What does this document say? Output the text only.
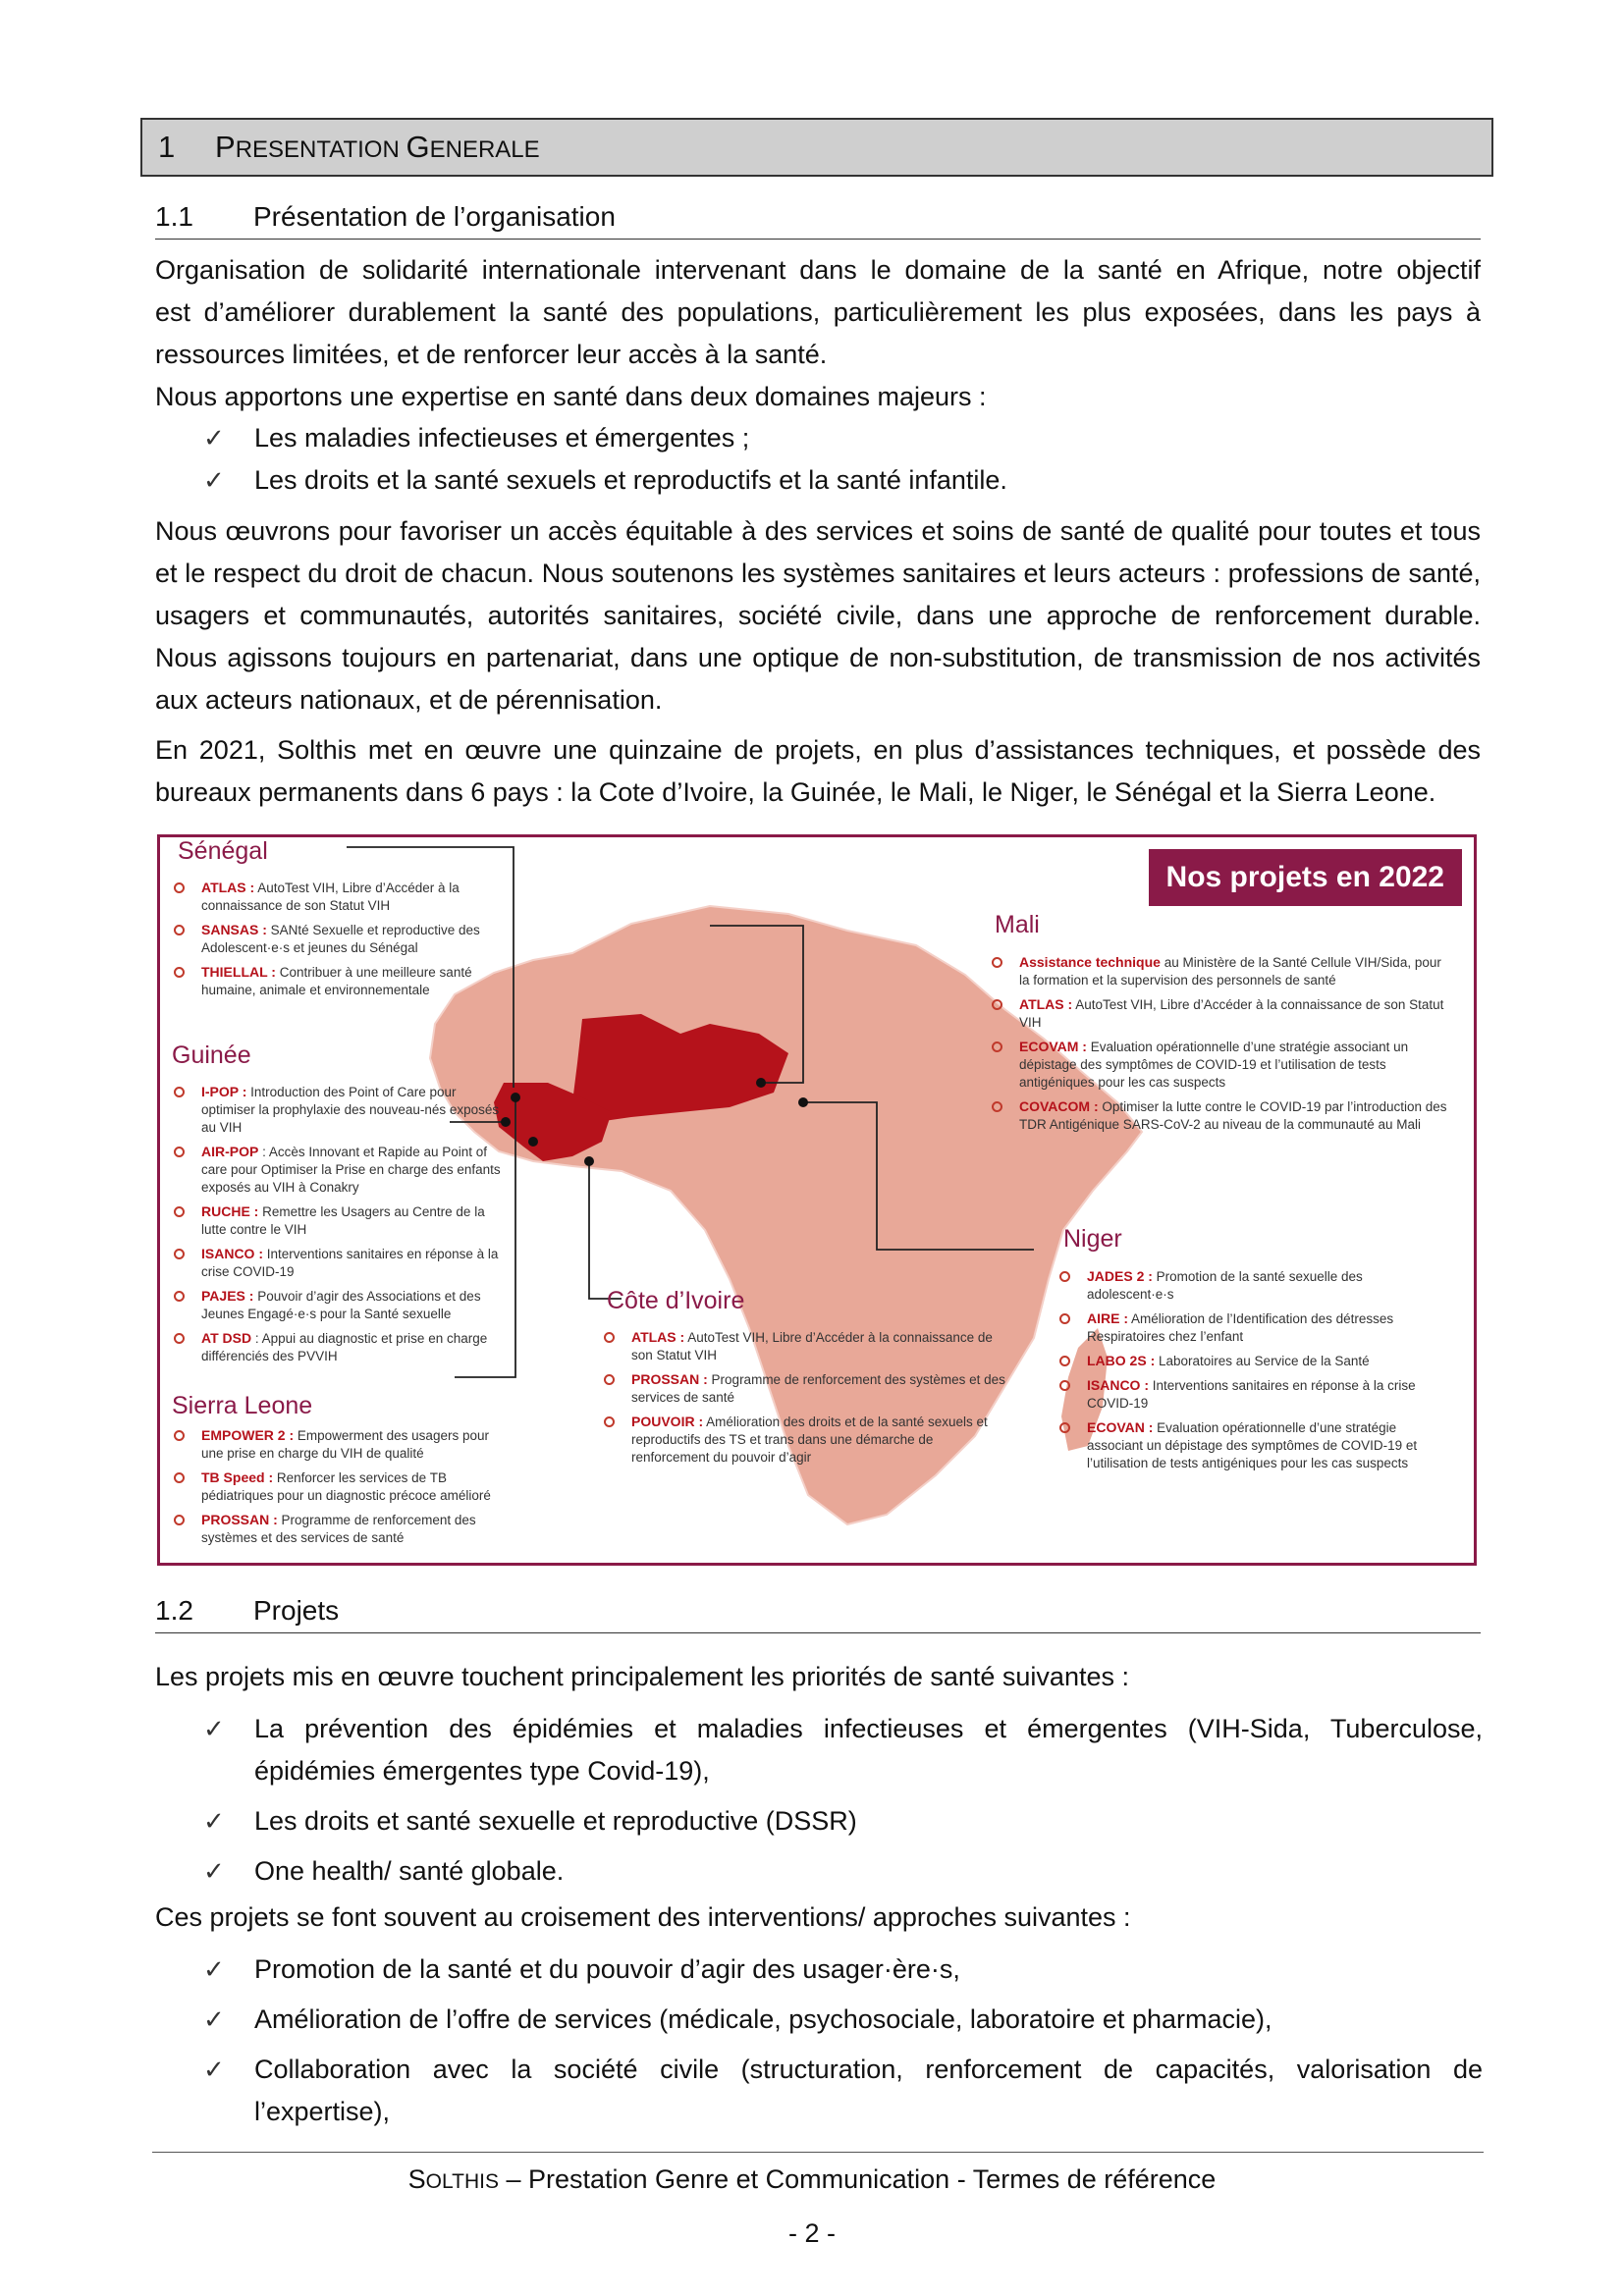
1	PRESENTATION GENERALE
1.1	Présentation de l’organisation
Organisation de solidarité internationale intervenant dans le domaine de la santé en Afrique, notre objectif
est d’améliorer durablement la santé des populations, particulièrement les plus exposées, dans les pays à
ressources limitées, et de renforcer leur accès à la santé.
Nous apportons une expertise en santé dans deux domaines majeurs :
✓ Les maladies infectieuses et émergentes ;
✓ Les droits et la santé sexuels et reproductifs et la santé infantile.
Nous œuvrons pour favoriser un accès équitable à des services et soins de santé de qualité pour toutes et tous
et le respect du droit de chacun. Nous soutenons les systèmes sanitaires et leurs acteurs : professions de santé,
usagers et communautés, autorités sanitaires, société civile, dans une approche de renforcement durable.
Nous agissons toujours en partenariat, dans une optique de non-substitution, de transmission de nos activités
aux acteurs nationaux, et de pérennisation.
En 2021, Solthis met en œuvre une quinzaine de projets, en plus d’assistances techniques, et possède des
bureaux permanents dans 6 pays : la Cote d’Ivoire, la Guinée, le Mali, le Niger, le Sénégal et la Sierra Leone.
Nos projets en 2022
Sénégal
ATLAS : AutoTest VIH, Libre d’Accéder à la connaissance de son Statut VIH
SANSAS : SANté Sexuelle et reproductive des Adolescent·e·s et jeunes du Sénégal
THIELLAL : Contribuer à une meilleure santé humaine, animale et environnementale
Guinée
I-POP : Introduction des Point of Care pour optimiser la prophylaxie des nouveau-nés exposés au VIH
AIR-POP : Accès Innovant et Rapide au Point of care pour Optimiser la Prise en charge des enfants exposés au VIH à Conakry
RUCHE : Remettre les Usagers au Centre de la lutte contre le VIH
ISANCO : Interventions sanitaires en réponse à la crise COVID-19
PAJES : Pouvoir d’agir des Associations et des Jeunes Engagé·e·s pour la Santé sexuelle
AT DSD : Appui au diagnostic et prise en charge différenciés des PVVIH
Sierra Leone
EMPOWER 2 : Empowerment des usagers pour une prise en charge du VIH de qualité
TB Speed : Renforcer les services de TB pédiatriques pour un diagnostic précoce amélioré
PROSSAN : Programme de renforcement des systèmes et des services de santé
Mali
Assistance technique au Ministère de la Santé Cellule VIH/Sida, pour la formation et la supervision des personnels de santé
ATLAS : AutoTest VIH, Libre d’Accéder à la connaissance de son Statut VIH
ECOVAM : Evaluation opérationnelle d’une stratégie associant un dépistage des symptômes de COVID-19 et l’utilisation de tests antigéniques pour les cas suspects
COVACOM : Optimiser la lutte contre le COVID-19 par l’introduction des TDR Antigénique SARS-CoV-2 au niveau de la communauté au Mali
Niger
JADES 2 : Promotion de la santé sexuelle des adolescent·e·s
AIRE : Amélioration de l’Identification des détresses Respiratoires chez l’enfant
LABO 2S : Laboratoires au Service de la Santé
ISANCO : Interventions sanitaires en réponse à la crise COVID-19
ECOVAN : Evaluation opérationnelle d’une stratégie associant un dépistage des symptômes de COVID-19 et l’utilisation de tests antigéniques pour les cas suspects
Côte d’Ivoire
ATLAS : AutoTest VIH, Libre d’Accéder à la connaissance de son Statut VIH
PROSSAN : Programme de renforcement des systèmes et des services de santé
POUVOIR : Amélioration des droits et de la santé sexuels et reproductifs des TS et trans dans une démarche de renforcement du pouvoir d’agir
1.2	Projets
Les projets mis en œuvre touchent principalement les priorités de santé suivantes :
✓ La prévention des épidémies et maladies infectieuses et émergentes (VIH-Sida, Tuberculose,
épidémies émergentes type Covid-19),
✓ Les droits et santé sexuelle et reproductive (DSSR)
✓ One health/ santé globale.
Ces projets se font souvent au croisement des interventions/ approches suivantes :
✓ Promotion de la santé et du pouvoir d’agir des usager·ère·s,
✓ Amélioration de l’offre de services (médicale, psychosociale, laboratoire et pharmacie),
✓ Collaboration avec la société civile (structuration, renforcement de capacités, valorisation de
l’expertise),
SOLTHIS – Prestation Genre et Communication - Termes de référence
- 2 -
